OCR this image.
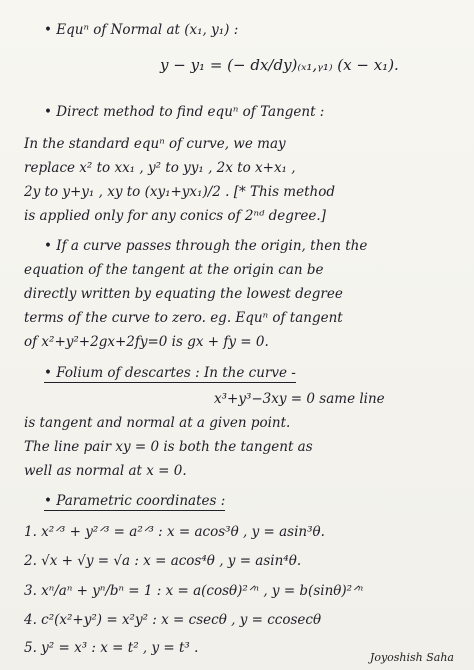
• Equⁿ of Normal at (x₁, y₁) :
y − y₁ = (− dx/dy)₍ₓ₁,ᵧ₁₎ (x − x₁).
• Direct method to find equⁿ of Tangent :
In the standard equⁿ of curve, we may
replace x² to xx₁ , y² to yy₁ , 2x to x+x₁ ,
2y to y+y₁ , xy to (xy₁+yx₁)/2 . [* This method
is applied only for any conics of 2ⁿᵈ degree.]
• If a curve passes through the origin, then the
equation of the tangent at the origin can be
directly written by equating the lowest degree
terms of the curve to zero. eg. Equⁿ of tangent
of x²+y²+2gx+2fy=0 is gx + fy = 0.
• Folium of descartes : In the curve -
x³+y³−3xy = 0 same line
is tangent and normal at a given point.
The line pair xy = 0 is both the tangent as
well as normal at x = 0.
• Parametric coordinates :
1. x²ᐟ³ + y²ᐟ³ = a²ᐟ³ : x = acos³θ , y = asin³θ.
2. √x + √y = √a : x = acos⁴θ , y = asin⁴θ.
3. xⁿ/aⁿ + yⁿ/bⁿ = 1 : x = a(cosθ)²ᐟⁿ , y = b(sinθ)²ᐟⁿ
4. c²(x²+y²) = x²y² : x = csecθ , y = ccosecθ
5. y² = x³ : x = t² , y = t³ .
Joyoshish Saha
